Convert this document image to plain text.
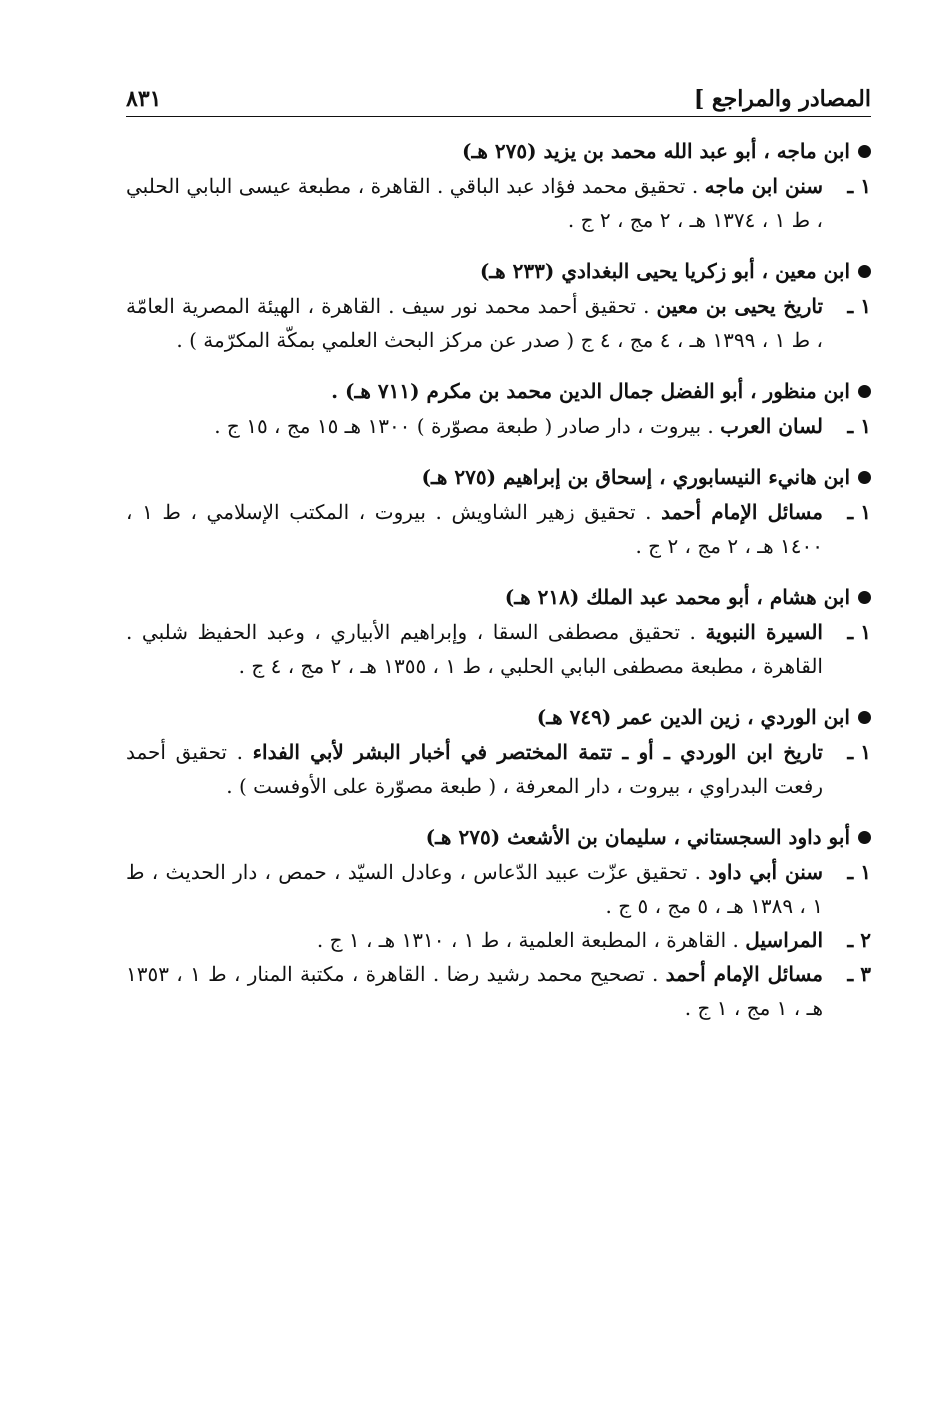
المصادر والمراجع ]
٨٣١
ابن ماجه ، أبو عبد الله محمد بن يزيد (٢٧٥ هـ)
١ ـ
سنن ابن ماجه . تحقيق محمد فؤاد عبد الباقي . القاهرة ، مطبعة عيسى البابي الحلبي ، ط ١ ، ١٣٧٤ هـ ، ٢ مج ، ٢ ج .
ابن معين ، أبو زكريا يحيى البغدادي (٢٣٣ هـ)
١ ـ
تاريخ يحيى بن معين . تحقيق أحمد محمد نور سيف . القاهرة ، الهيئة المصرية العامّة ، ط ١ ، ١٣٩٩ هـ ، ٤ مج ، ٤ ج ( صدر عن مركز البحث العلمي بمكّة المكرّمة ) .
ابن منظور ، أبو الفضل جمال الدين محمد بن مكرم (٧١١ هـ) .
١ ـ
لسان العرب . بيروت ، دار صادر ( طبعة مصوّرة ) ١٣٠٠ هـ ١٥ مج ، ١٥ ج .
ابن هانيء النيسابوري ، إسحاق بن إبراهيم (٢٧٥ هـ)
١ ـ
مسائل الإمام أحمد . تحقيق زهير الشاويش . بيروت ، المكتب الإسلامي ، ط ١ ، ١٤٠٠ هـ ، ٢ مج ، ٢ ج .
ابن هشام ، أبو محمد عبد الملك (٢١٨ هـ)
١ ـ
السيرة النبوية . تحقيق مصطفى السقا ، وإبراهيم الأبياري ، وعبد الحفيظ شلبي . القاهرة ، مطبعة مصطفى البابي الحلبي ، ط ١ ، ١٣٥٥ هـ ، ٢ مج ، ٤ ج .
ابن الوردي ، زين الدين عمر (٧٤٩ هـ)
١ ـ
تاريخ ابن الوردي ـ أو ـ تتمة المختصر في أخبار البشر لأبي الفداء . تحقيق أحمد رفعت البدراوي ، بيروت ، دار المعرفة ، ( طبعة مصوّرة على الأوفست ) .
أبو داود السجستاني ، سليمان بن الأشعث (٢٧٥ هـ)
١ ـ
سنن أبي داود . تحقيق عزّت عبيد الدّعاس ، وعادل السيّد ، حمص ، دار الحديث ، ط ١ ، ١٣٨٩ هـ ، ٥ مج ، ٥ ج .
٢ ـ
المراسيل . القاهرة ، المطبعة العلمية ، ط ١ ، ١٣١٠ هـ ، ١ ج .
٣ ـ
مسائل الإمام أحمد . تصحيح محمد رشيد رضا . القاهرة ، مكتبة المنار ، ط ١ ، ١٣٥٣ هـ ، ١ مج ، ١ ج .
